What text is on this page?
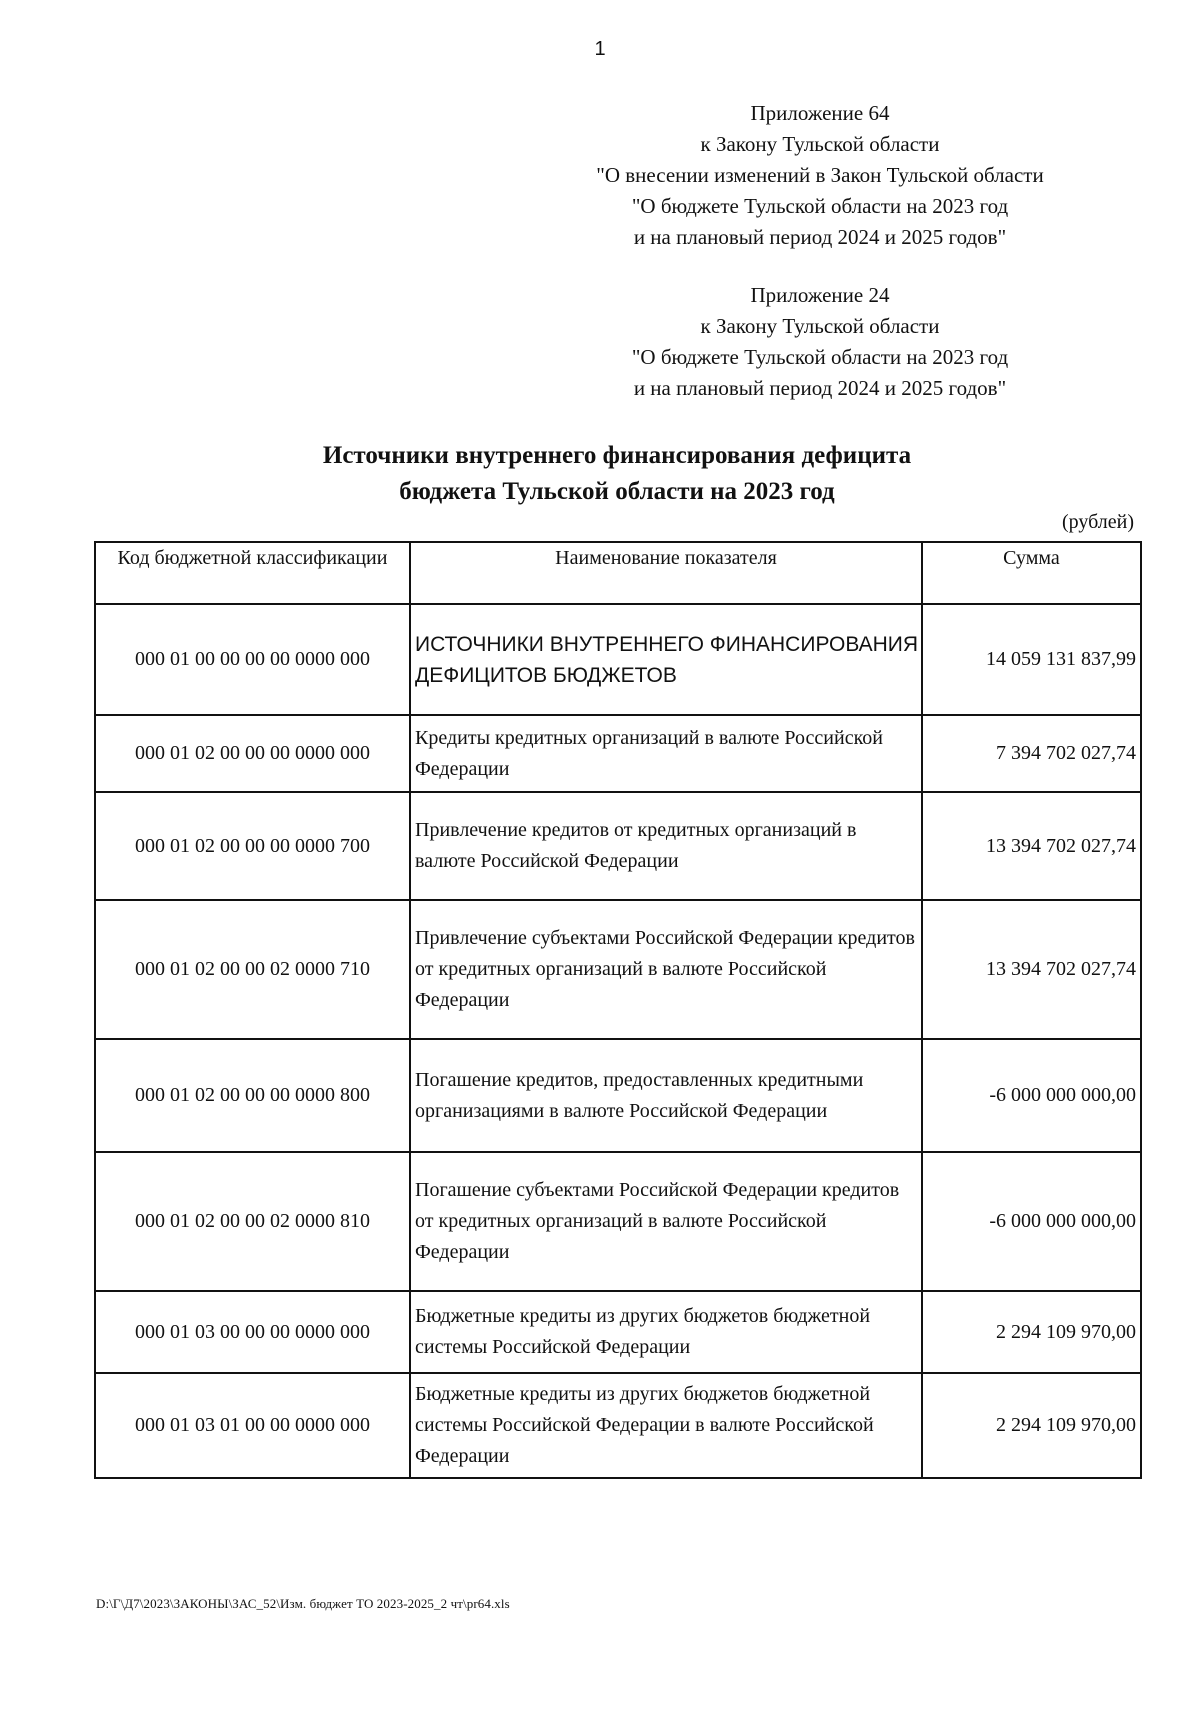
1
Приложение 64
к Закону Тульской области
"О внесении изменений в Закон Тульской области
"О бюджете Тульской области на 2023 год
и на плановый период 2024 и 2025 годов"
Приложение 24
к Закону Тульской области
"О бюджете Тульской области на 2023 год
и на плановый период 2024 и 2025 годов"
Источники внутреннего финансирования дефицита
бюджета Тульской области на 2023 год
(рублей)
Код бюджетной классификации	Наименование показателя	Сумма
000 01 00 00 00 00 0000 000	ИСТОЧНИКИ ВНУТРЕННЕГО ФИНАНСИРОВАНИЯ ДЕФИЦИТОВ БЮДЖЕТОВ	14 059 131 837,99
000 01 02 00 00 00 0000 000	Кредиты кредитных организаций в валюте Российской Федерации	7 394 702 027,74
000 01 02 00 00 00 0000 700	Привлечение кредитов от кредитных организаций в валюте Российской Федерации	13 394 702 027,74
000 01 02 00 00 02 0000 710	Привлечение субъектами Российской Федерации кредитов от кредитных организаций в валюте Российской Федерации	13 394 702 027,74
000 01 02 00 00 00 0000 800	Погашение кредитов, предоставленных кредитными организациями в валюте Российской Федерации	-6 000 000 000,00
000 01 02 00 00 02 0000 810	Погашение субъектами Российской Федерации кредитов от кредитных организаций в валюте Российской Федерации	-6 000 000 000,00
000 01 03 00 00 00 0000 000	Бюджетные кредиты из других бюджетов бюджетной системы Российской Федерации	2 294 109 970,00
000 01 03 01 00 00 0000 000	Бюджетные кредиты из других бюджетов бюджетной системы Российской Федерации в валюте Российской Федерации	2 294 109 970,00
D:\Г\Д7\2023\ЗАКОНЫ\ЗАС_52\Изм. бюджет ТО 2023-2025_2 чт\pr64.xls
